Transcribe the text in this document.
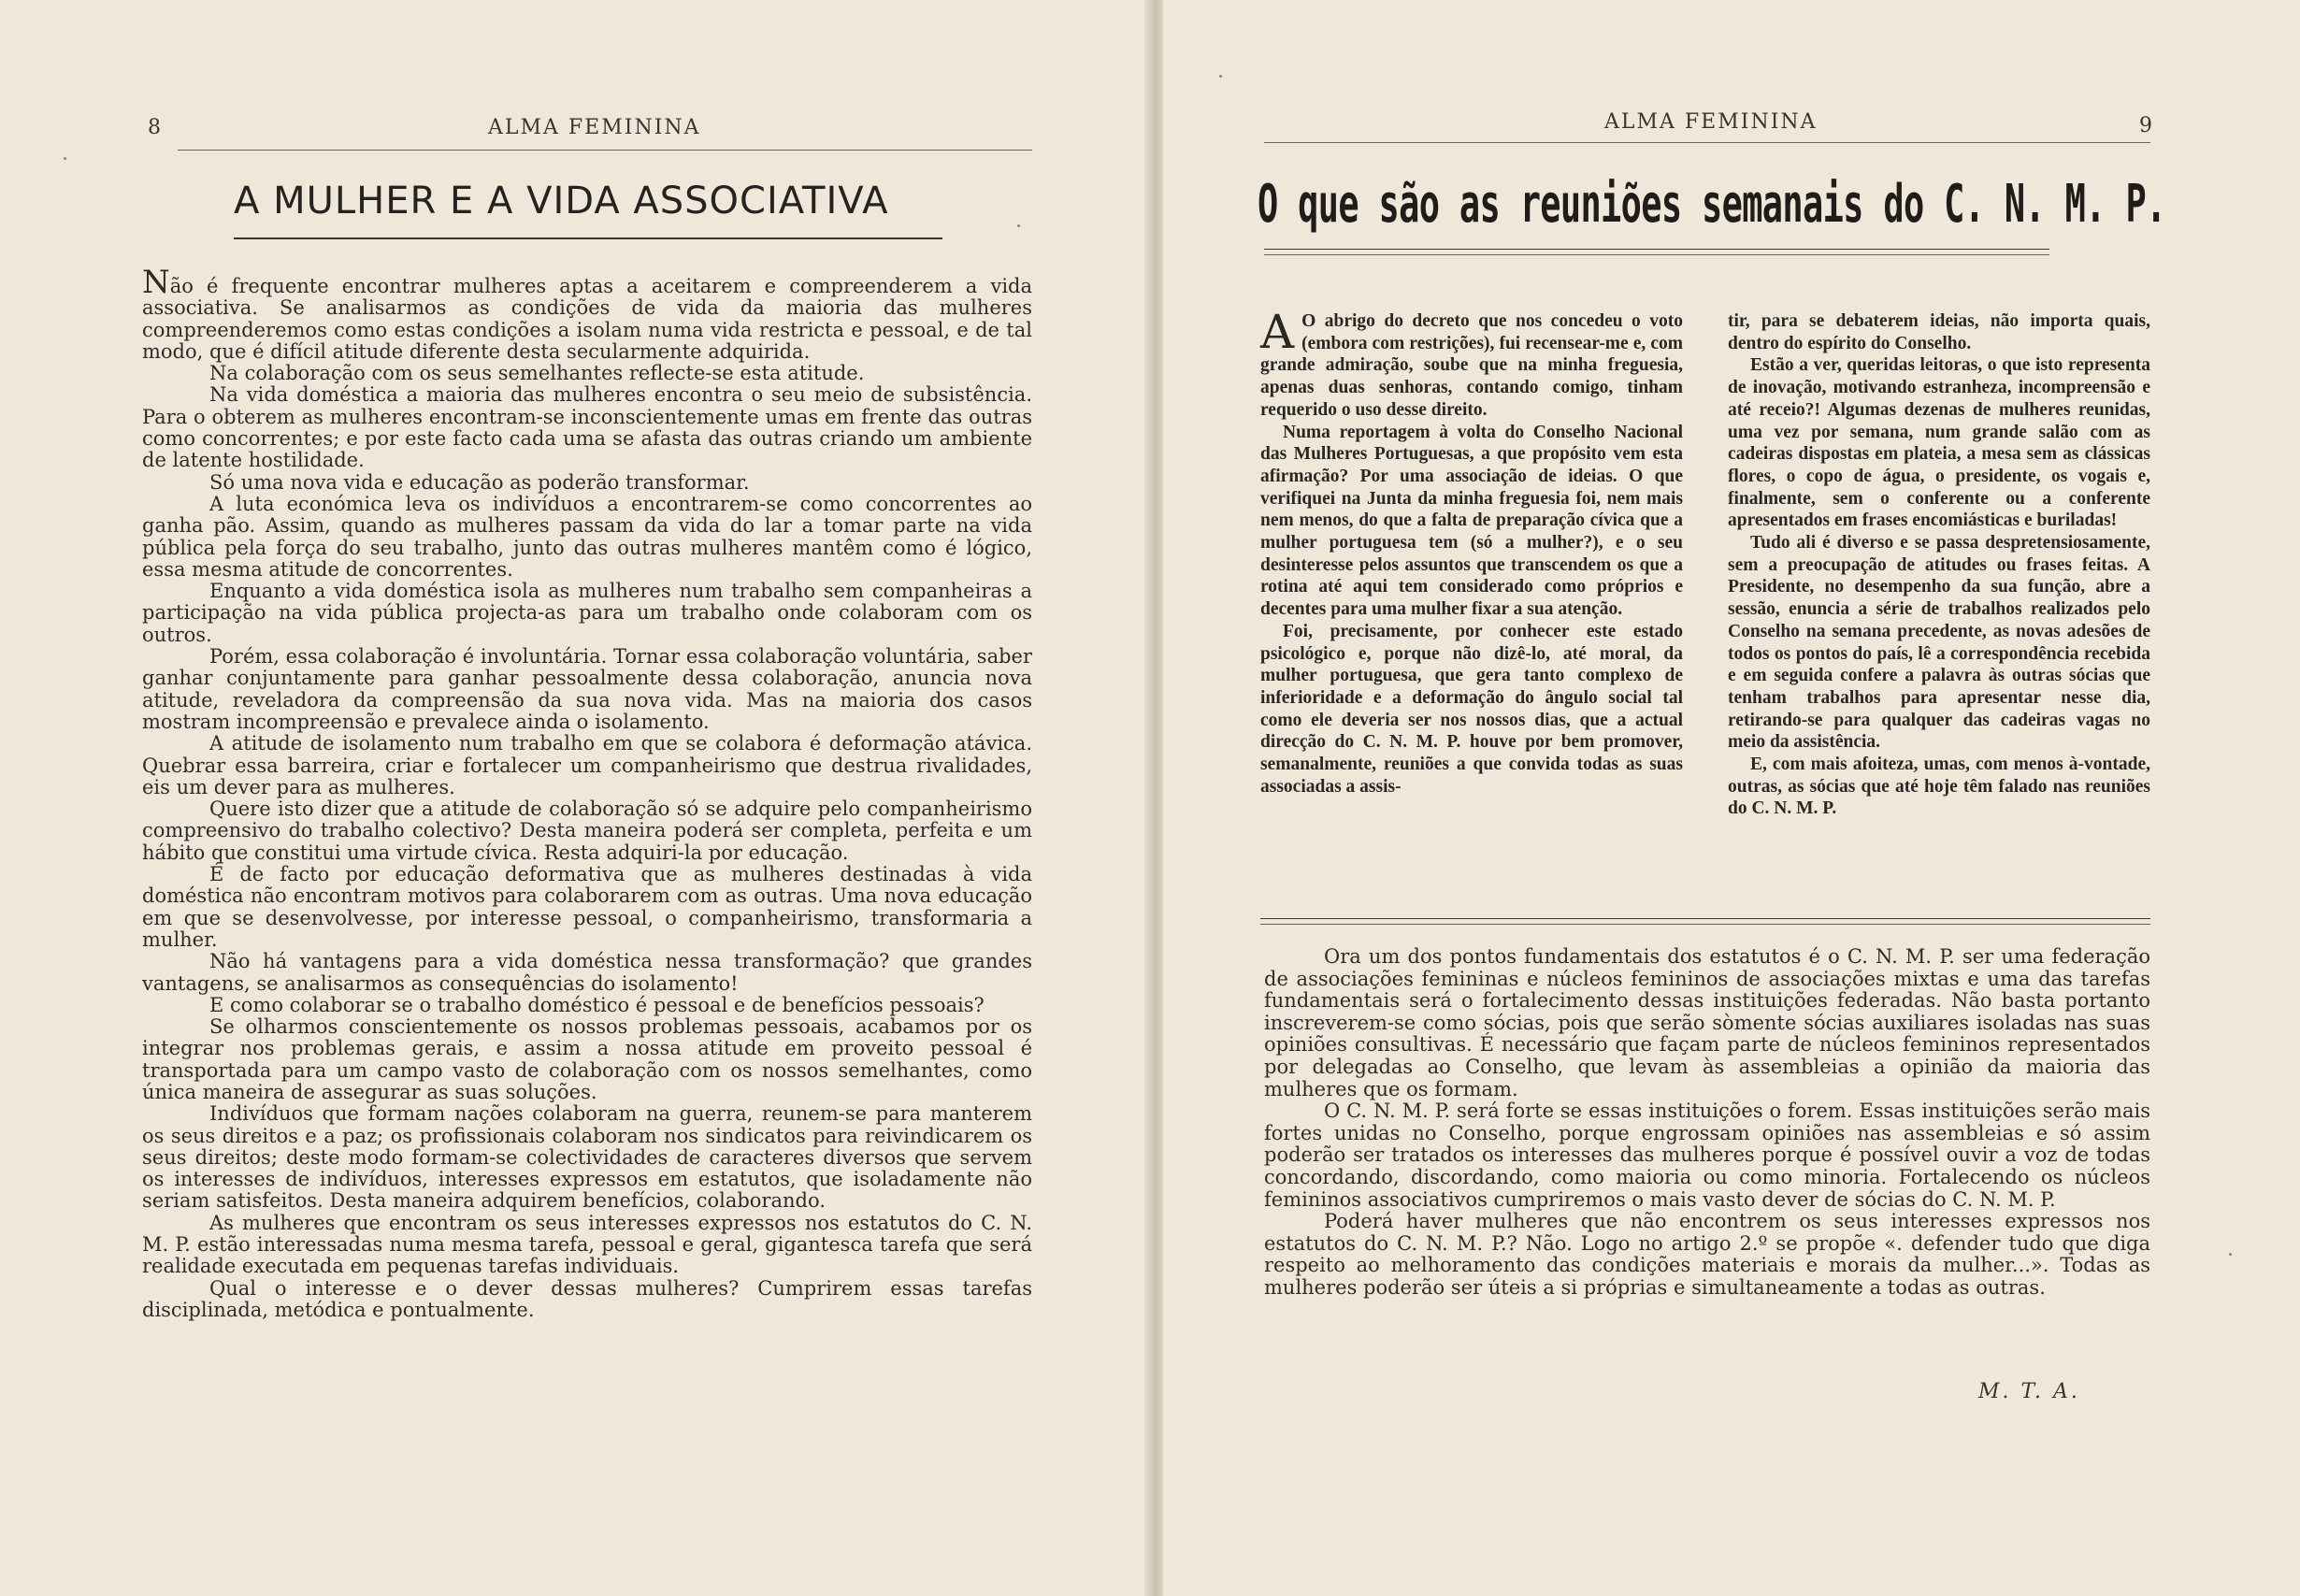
8	ALMA FEMININA
A MULHER E A VIDA ASSOCIATIVA

Não é frequente encontrar mulheres aptas a aceitarem e compreenderem a vida associativa. Se analisarmos as condições de vida da maioria das mulheres compreenderemos como estas condições a isolam numa vida restricta e pessoal, e de tal modo, que é difícil atitude diferente desta secularmente adquirida.

Na colaboração com os seus semelhantes reflecte-se esta atitude.

Na vida doméstica a maioria das mulheres encontra o seu meio de subsistência. Para o obterem as mulheres encontram-se inconscientemente umas em frente das outras como concorrentes; e por este facto cada uma se afasta das outras criando um ambiente de latente hostilidade.

Só uma nova vida e educação as poderão transformar.

A luta económica leva os indivíduos a encontrarem-se como concorrentes ao ganha pão. Assim, quando as mulheres passam da vida do lar a tomar parte na vida pública pela força do seu trabalho, junto das outras mulheres mantêm como é lógico, essa mesma atitude de concorrentes.

Enquanto a vida doméstica isola as mulheres num trabalho sem companheiras a participação na vida pública projecta-as para um trabalho onde colaboram com os outros.

Porém, essa colaboração é involuntária. Tornar essa colaboração voluntária, saber ganhar conjuntamente para ganhar pessoalmente dessa colaboração, anuncia nova atitude, reveladora da compreensão da sua nova vida. Mas na maioria dos casos mostram incompreensão e prevalece ainda o isolamento.

A atitude de isolamento num trabalho em que se colabora é deformação atávica. Quebrar essa barreira, criar e fortalecer um companheirismo que destrua rivalidades, eis um dever para as mulheres.

Quere isto dizer que a atitude de colaboração só se adquire pelo companheirismo compreensivo do trabalho colectivo? Desta maneira poderá ser completa, perfeita e um hábito que constitui uma virtude cívica. Resta adquiri-la por educação.

É de facto por educação deformativa que as mulheres destinadas à vida doméstica não encontram motivos para colaborarem com as outras. Uma nova educação em que se desenvolvesse, por interesse pessoal, o companheirismo, transformaria a mulher.

Não há vantagens para a vida doméstica nessa transformação? que grandes vantagens, se analisarmos as consequências do isolamento!

E como colaborar se o trabalho doméstico é pessoal e de benefícios pessoais?

Se olharmos conscientemente os nossos problemas pessoais, acabamos por os integrar nos problemas gerais, e assim a nossa atitude em proveito pessoal é transportada para um campo vasto de colaboração com os nossos semelhantes, como única maneira de assegurar as suas soluções.

Indivíduos que formam nações colaboram na guerra, reunem-se para manterem os seus direitos e a paz; os profissionais colaboram nos sindicatos para reivindicarem os seus direitos; deste modo formam-se colectividades de caracteres diversos que servem os interesses de indivíduos, interesses expressos em estatutos, que isoladamente não seriam satisfeitos. Desta maneira adquirem benefícios, colaborando.

As mulheres que encontram os seus interesses expressos nos estatutos do C. N. M. P. estão interessadas numa mesma tarefa, pessoal e geral, gigantesca tarefa que será realidade executada em pequenas tarefas individuais.

Qual o interesse e o dever dessas mulheres? Cumprirem essas tarefas disciplinada, metódica e pontualmente.

ALMA FEMININA	9
O que são as reuniões semanais do C. N. M. P.

A O abrigo do decreto que nos concedeu o voto (embora com restrições), fui recensear-me e, com grande admiração, soube que na minha freguesia, apenas duas senhoras, contando comigo, tinham requerido o uso desse direito.

Numa reportagem à volta do Conselho Nacional das Mulheres Portuguesas, a que propósito vem esta afirmação? Por uma associação de ideias. O que verifiquei na Junta da minha freguesia foi, nem mais nem menos, do que a falta de preparação cívica que a mulher portuguesa tem (só a mulher?), e o seu desinteresse pelos assuntos que transcendem os que a rotina até aqui tem considerado como próprios e decentes para uma mulher fixar a sua atenção.

Foi, precisamente, por conhecer este estado psicológico e, porque não dizê-lo, até moral, da mulher portuguesa, que gera tanto complexo de inferioridade e a deformação do ângulo social tal como ele deveria ser nos nossos dias, que a actual direcção do C. N. M. P. houve por bem promover, semanalmente, reuniões a que convida todas as suas associadas a assis-

tir, para se debaterem ideias, não importa quais, dentro do espírito do Conselho.

Estão a ver, queridas leitoras, o que isto representa de inovação, motivando estranheza, incompreensão e até receio?! Algumas dezenas de mulheres reunidas, uma vez por semana, num grande salão com as cadeiras dispostas em plateia, a mesa sem as clássicas flores, o copo de água, o presidente, os vogais e, finalmente, sem o conferente ou a conferente apresentados em frases encomiásticas e buriladas!

Tudo ali é diverso e se passa despretensiosamente, sem a preocupação de atitudes ou frases feitas. A Presidente, no desempenho da sua função, abre a sessão, enuncia a série de trabalhos realizados pelo Conselho na semana precedente, as novas adesões de todos os pontos do país, lê a correspondência recebida e em seguida confere a palavra às outras sócias que tenham trabalhos para apresentar nesse dia, retirando-se para qualquer das cadeiras vagas no meio da assistência.

E, com mais afoiteza, umas, com menos à-vontade, outras, as sócias que até hoje têm falado nas reuniões do C. N. M. P.

Ora um dos pontos fundamentais dos estatutos é o C. N. M. P. ser uma federação de associações femininas e núcleos femininos de associações mixtas e uma das tarefas fundamentais será o fortalecimento dessas instituições federadas. Não basta portanto inscreverem-se como sócias, pois que serão sòmente sócias auxiliares isoladas nas suas opiniões consultivas. É necessário que façam parte de núcleos femininos representados por delegadas ao Conselho, que levam às assembleias a opinião da maioria das mulheres que os formam.

O C. N. M. P. será forte se essas instituições o forem. Essas instituições serão mais fortes unidas no Conselho, porque engrossam opiniões nas assembleias e só assim poderão ser tratados os interesses das mulheres porque é possível ouvir a voz de todas concordando, discordando, como maioria ou como minoria. Fortalecendo os núcleos femininos associativos cumpriremos o mais vasto dever de sócias do C. N. M. P.

Poderá haver mulheres que não encontrem os seus interesses expressos nos estatutos do C. N. M. P.? Não. Logo no artigo 2.º se propõe «. defender tudo que diga respeito ao melhoramento das condições materiais e morais da mulher...». Todas as mulheres poderão ser úteis a si próprias e simultaneamente a todas as outras.

M. T. A.
